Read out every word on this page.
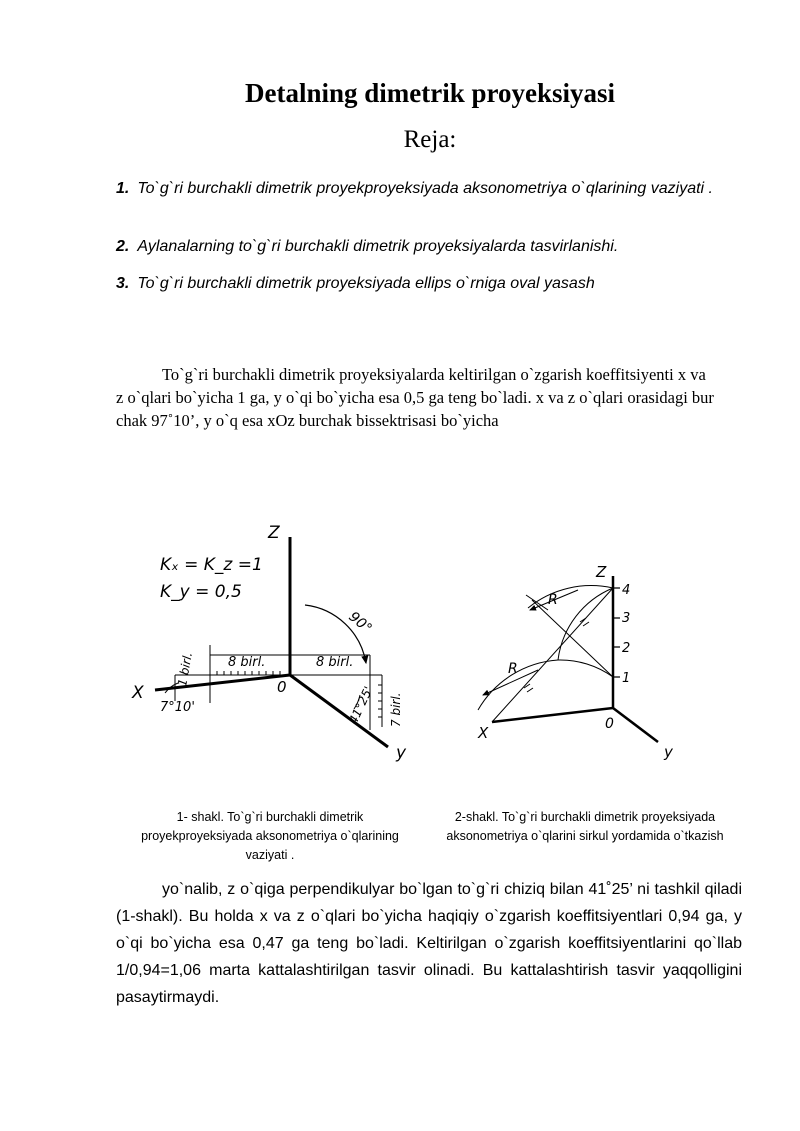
Detalning dimetrik proyeksiyasi
Reja:
1. To`g`ri burchakli dimetrik proyekproyeksiyada aksonometriya o`qlarining vaziyati .
2. Aylanalarning to`g`ri burchakli dimetrik proyeksiyalarda tasvirlanishi.
3. To`g`ri burchakli dimetrik proyeksiyada ellips o`rniga oval yasash
To`g`ri burchakli dimetrik proyeksiyalarda keltirilgan o`zgarish koeffitsiyenti x va z o`qlari bo`yicha 1 ga, y o`qi bo`yicha esa 0,5 ga teng bo`ladi. x va z o`qlari orasidagi bur chak 97˚10’, y o`q esa xOz burchak bissektrisasi bo`yicha
Z
X
y
0
Kₓ = K_z =1
K_y = 0,5
90°
8 birl.	8 birl.
1 birl.
7 birl.
7°10'	41°25'
1- shakl. To`g`ri burchakli dimetrik proyekproyeksiyada aksonometriya o`qlarining vaziyati .
Z
X
y
0
R
R
4
3
2
1
2-shakl. To`g`ri burchakli dimetrik proyeksiyada aksonometriya o`qlarini sirkul yordamida o`tkazish
yo`nalib, z o`qiga perpendikulyar bo`lgan to`g`ri chiziq bilan 41˚25’ ni tashkil qiladi (1-shakl). Bu holda x va z o`qlari bo`yicha haqiqiy o`zgarish koeffitsiyentlari 0,94 ga, y o`qi bo`yicha esa 0,47 ga teng bo`ladi. Keltirilgan o`zgarish koeffitsiyentlarini qo`llab 1/0,94=1,06 marta kattalashtirilgan tasvir olinadi. Bu kattalashtirish tasvir yaqqolligini pasaytirmaydi.
